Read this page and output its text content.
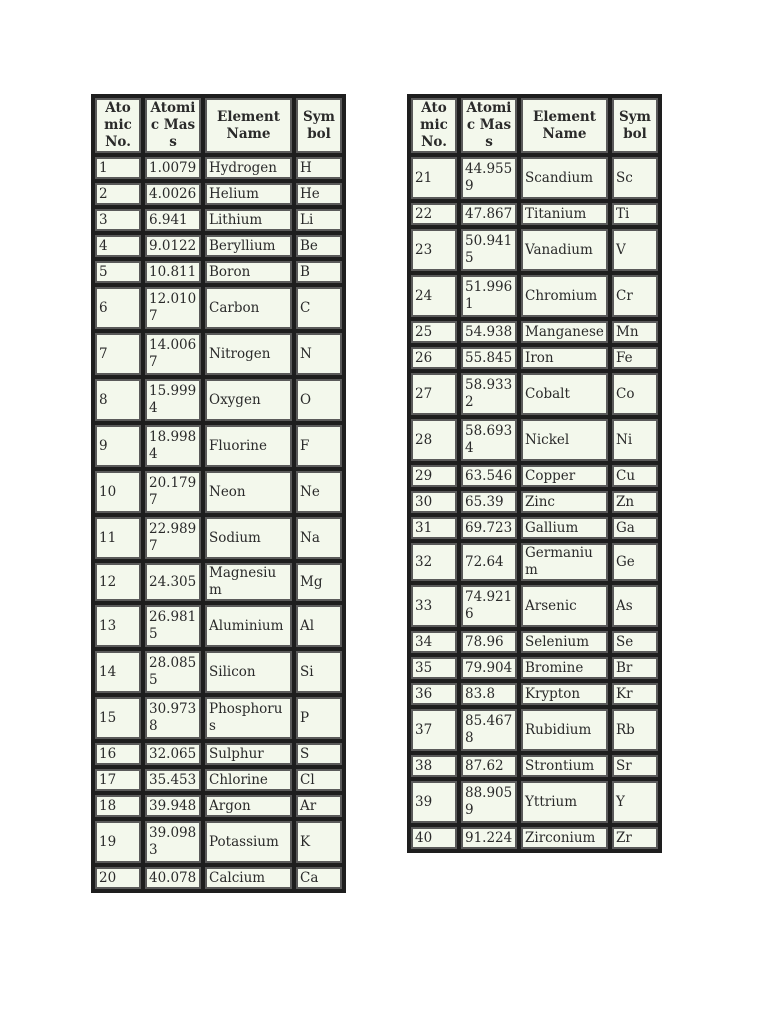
Atomic No.	Atomic Mass	Element Name	Symbol
1	1.0079	Hydrogen	H
2	4.0026	Helium	He
3	6.941	Lithium	Li
4	9.0122	Beryllium	Be
5	10.811	Boron	B
6	12.0107	Carbon	C
7	14.0067	Nitrogen	N
8	15.9994	Oxygen	O
9	18.9984	Fluorine	F
10	20.1797	Neon	Ne
11	22.9897	Sodium	Na
12	24.305	Magnesium	Mg
13	26.9815	Aluminium	Al
14	28.0855	Silicon	Si
15	30.9738	Phosphorus	P
16	32.065	Sulphur	S
17	35.453	Chlorine	Cl
18	39.948	Argon	Ar
19	39.0983	Potassium	K
20	40.078	Calcium	Ca
Atomic No.	Atomic Mass	Element Name	Symbol
21	44.9559	Scandium	Sc
22	47.867	Titanium	Ti
23	50.9415	Vanadium	V
24	51.9961	Chromium	Cr
25	54.938	Manganese	Mn
26	55.845	Iron	Fe
27	58.9332	Cobalt	Co
28	58.6934	Nickel	Ni
29	63.546	Copper	Cu
30	65.39	Zinc	Zn
31	69.723	Gallium	Ga
32	72.64	Germanium	Ge
33	74.9216	Arsenic	As
34	78.96	Selenium	Se
35	79.904	Bromine	Br
36	83.8	Krypton	Kr
37	85.4678	Rubidium	Rb
38	87.62	Strontium	Sr
39	88.9059	Yttrium	Y
40	91.224	Zirconium	Zr
